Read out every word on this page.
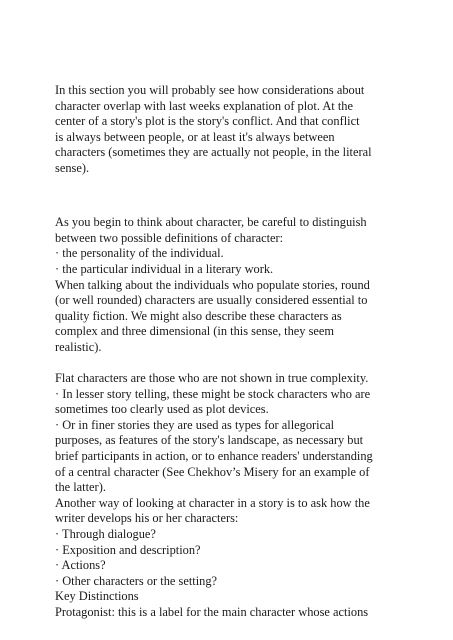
In this section you will probably see how considerations about
character overlap with last weeks explanation of plot. At the
center of a story's plot is the story's conflict. And that conflict
is always between people, or at least it's always between
characters (sometimes they are actually not people, in the literal
sense).
As you begin to think about character, be careful to distinguish
between two possible definitions of character:
· the personality of the individual.
· the particular individual in a literary work.
When talking about the individuals who populate stories, round
(or well rounded) characters are usually considered essential to
quality fiction. We might also describe these characters as
complex and three dimensional (in this sense, they seem
realistic).
Flat characters are those who are not shown in true complexity.
· In lesser story telling, these might be stock characters who are
sometimes too clearly used as plot devices.
· Or in finer stories they are used as types for allegorical
purposes, as features of the story's landscape, as necessary but
brief participants in action, or to enhance readers' understanding
of a central character (See Chekhov’s Misery for an example of
the latter).
Another way of looking at character in a story is to ask how the
writer develops his or her characters:
· Through dialogue?
· Exposition and description?
· Actions?
· Other characters or the setting?
Key Distinctions
Protagonist: this is a label for the main character whose actions
